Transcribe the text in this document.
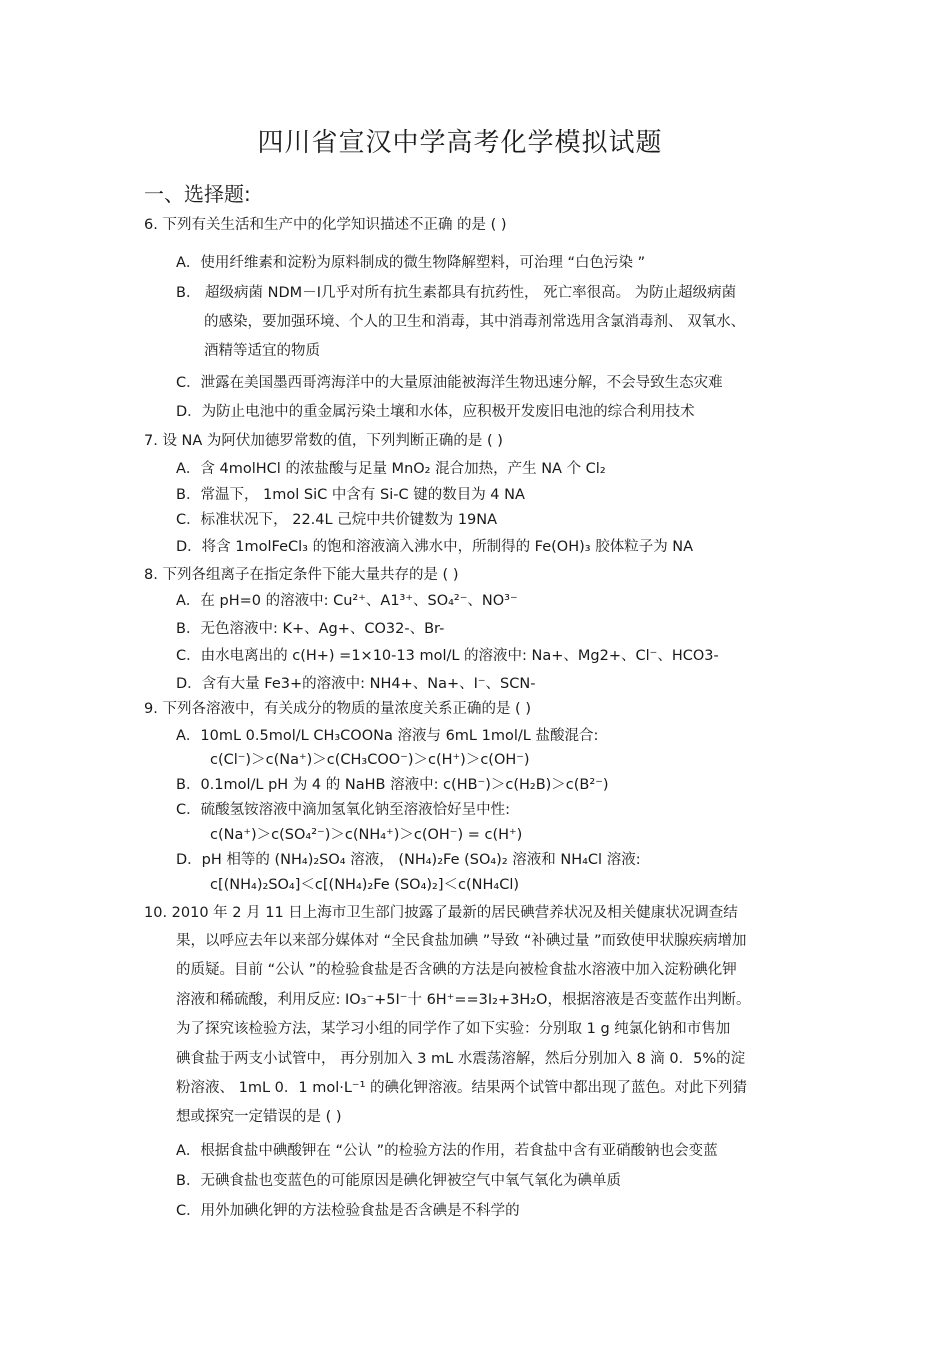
四川省宣汉中学高考化学模拟试题
一、选择题:
6. 下列有关生活和生产中的化学知识描述不正确 的是 ( )
A．使用纤维素和淀粉为原料制成的微生物降解塑料，可治理 “白色污染 ”
B． 超级病菌 NDM－Ⅰ几乎对所有抗生素都具有抗药性， 死亡率很高。 为防止超级病菌
的感染，要加强环境、个人的卫生和消毒，其中消毒剂常选用含氯消毒剂、 双氧水、
酒精等适宜的物质
C．泄露在美国墨西哥湾海洋中的大量原油能被海洋生物迅速分解，不会导致生态灾难
D．为防止电池中的重金属污染土壤和水体，应积极开发废旧电池的综合利用技术
7. 设 NA 为阿伏加德罗常数的值，下列判断正确的是 ( )
A．含 4molHCl 的浓盐酸与足量 MnO₂ 混合加热，产生 NA 个 Cl₂
B．常温下， 1mol SiC 中含有 Si-C 键的数目为 4 NA
C．标准状况下， 22.4L 己烷中共价键数为 19NA
D．将含 1molFeCl₃ 的饱和溶液滴入沸水中，所制得的 Fe(OH)₃ 胶体粒子为 NA
8. 下列各组离子在指定条件下能大量共存的是 ( )
A．在 pH=0 的溶液中: Cu²⁺、A1³⁺、SO₄²⁻、NO³⁻
B．无色溶液中: K+、Ag+、CO32-、Br-
C．由水电离出的 c(H+) =1×10-13 mol/L 的溶液中: Na+、Mg2+、Cl⁻、HCO3-
D．含有大量 Fe3+的溶液中: NH4+、Na+、I⁻、SCN-
9. 下列各溶液中，有关成分的物质的量浓度关系正确的是 ( )
A．10mL 0.5mol/L CH₃COONa 溶液与 6mL 1mol/L 盐酸混合:
c(Cl⁻)＞c(Na⁺)＞c(CH₃COO⁻)＞c(H⁺)＞c(OH⁻)
B．0.1mol/L pH 为 4 的 NaHB 溶液中: c(HB⁻)＞c(H₂B)＞c(B²⁻)
C．硫酸氢铵溶液中滴加氢氧化钠至溶液恰好呈中性:
c(Na⁺)＞c(SO₄²⁻)＞c(NH₄⁺)＞c(OH⁻) = c(H⁺)
D．pH 相等的 (NH₄)₂SO₄ 溶液， (NH₄)₂Fe (SO₄)₂ 溶液和 NH₄Cl 溶液:
c[(NH₄)₂SO₄]＜c[(NH₄)₂Fe (SO₄)₂]＜c(NH₄Cl)
10. 2010 年 2 月 11 日上海市卫生部门披露了最新的居民碘营养状况及相关健康状况调查结
果，以呼应去年以来部分媒体对 “全民食盐加碘 ”导致 “补碘过量 ”而致使甲状腺疾病增加
的质疑。目前 “公认 ”的检验食盐是否含碘的方法是向被检食盐水溶液中加入淀粉碘化钾
溶液和稀硫酸，利用反应: IO₃⁻+5I⁻十 6H⁺==3I₂+3H₂O，根据溶液是否变蓝作出判断。
为了探究该检验方法，某学习小组的同学作了如下实验：分别取 1 g 纯氯化钠和市售加
碘食盐于两支小试管中， 再分别加入 3 mL 水震荡溶解，然后分别加入 8 滴 0．5%的淀
粉溶液、 1mL 0．1 mol·L⁻¹ 的碘化钾溶液。结果两个试管中都出现了蓝色。对此下列猜
想或探究一定错误的是 ( )
A．根据食盐中碘酸钾在 “公认 ”的检验方法的作用，若食盐中含有亚硝酸钠也会变蓝
B．无碘食盐也变蓝色的可能原因是碘化钾被空气中氧气氧化为碘单质
C．用外加碘化钾的方法检验食盐是否含碘是不科学的
